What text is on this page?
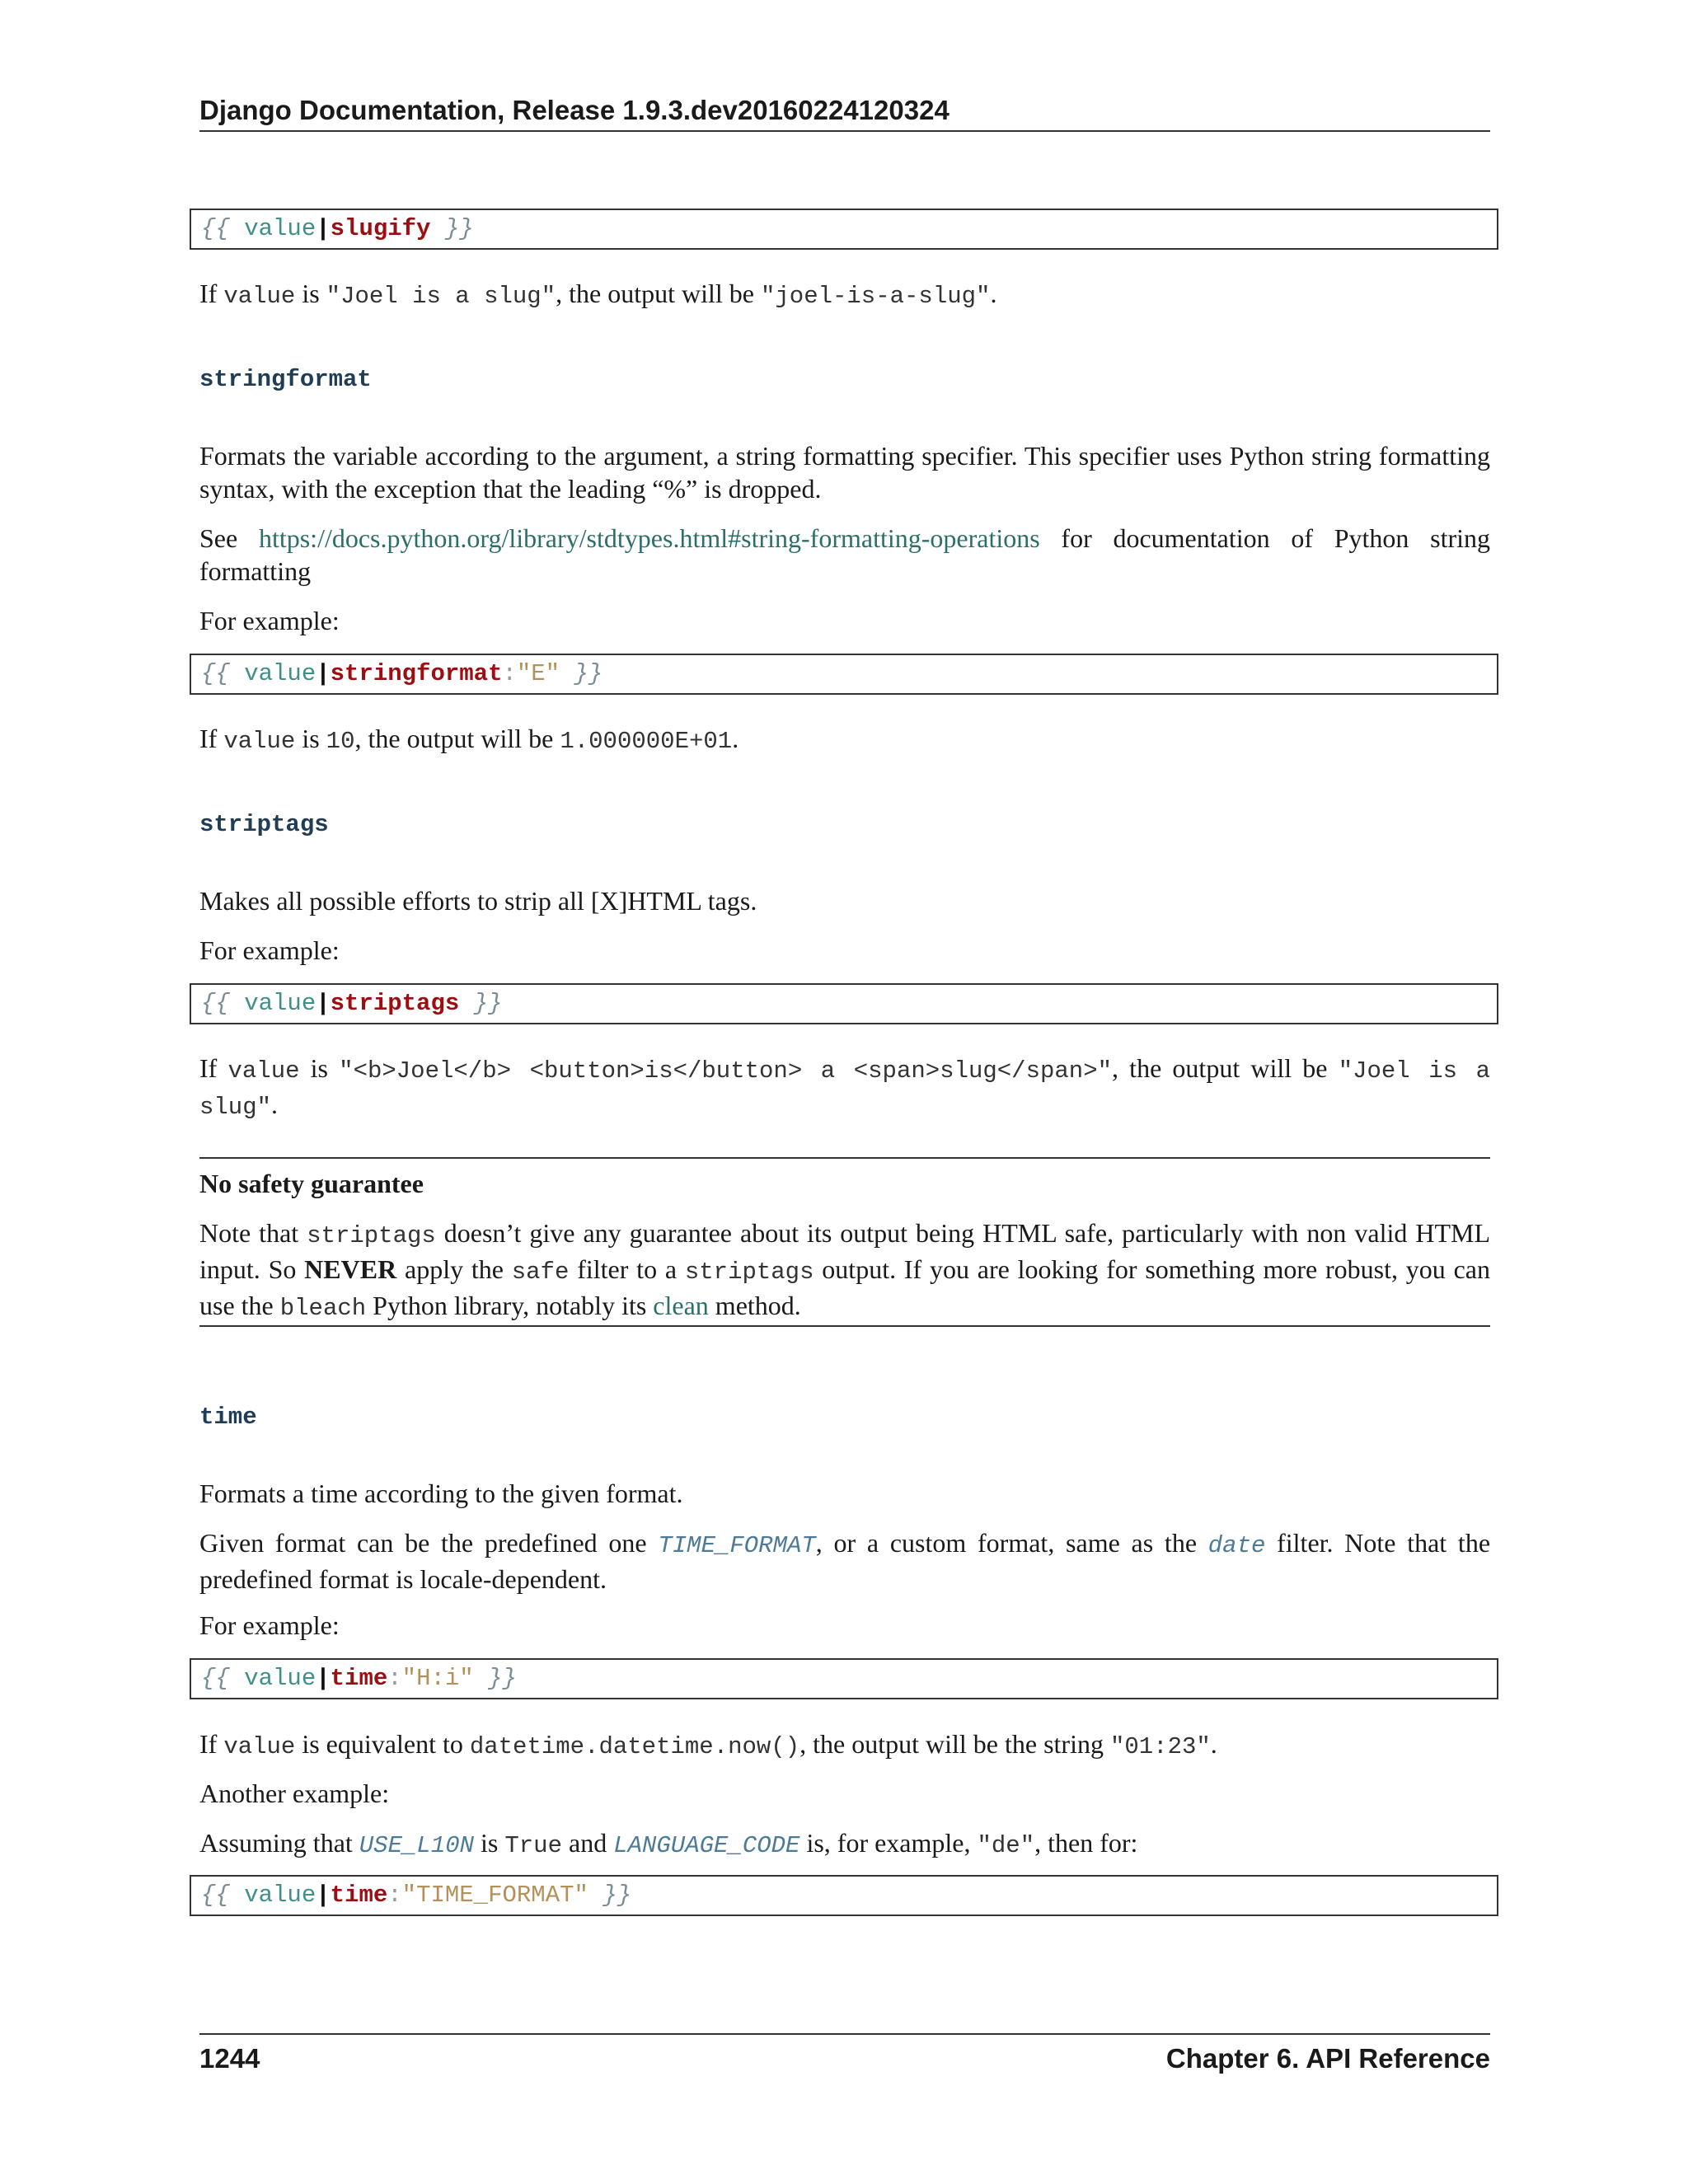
Django Documentation, Release 1.9.3.dev20160224120324
{{ value|slugify }}
If value is "Joel is a slug", the output will be "joel-is-a-slug".
stringformat
Formats the variable according to the argument, a string formatting specifier. This specifier uses Python string formatting syntax, with the exception that the leading “%” is dropped.
See https://docs.python.org/library/stdtypes.html#string-formatting-operations for documentation of Python string formatting
For example:
{{ value|stringformat:"E" }}
If value is 10, the output will be 1.000000E+01.
striptags
Makes all possible efforts to strip all [X]HTML tags.
For example:
{{ value|striptags }}
If value is "<b>Joel</b> <button>is</button> a <span>slug</span>", the output will be "Joel is a slug".
No safety guarantee
Note that striptags doesn’t give any guarantee about its output being HTML safe, particularly with non valid HTML input. So NEVER apply the safe filter to a striptags output. If you are looking for something more robust, you can use the bleach Python library, notably its clean method.
time
Formats a time according to the given format.
Given format can be the predefined one TIME_FORMAT, or a custom format, same as the date filter. Note that the predefined format is locale-dependent.
For example:
{{ value|time:"H:i" }}
If value is equivalent to datetime.datetime.now(), the output will be the string "01:23".
Another example:
Assuming that USE_L10N is True and LANGUAGE_CODE is, for example, "de", then for:
{{ value|time:"TIME_FORMAT" }}
1244	Chapter 6. API Reference
